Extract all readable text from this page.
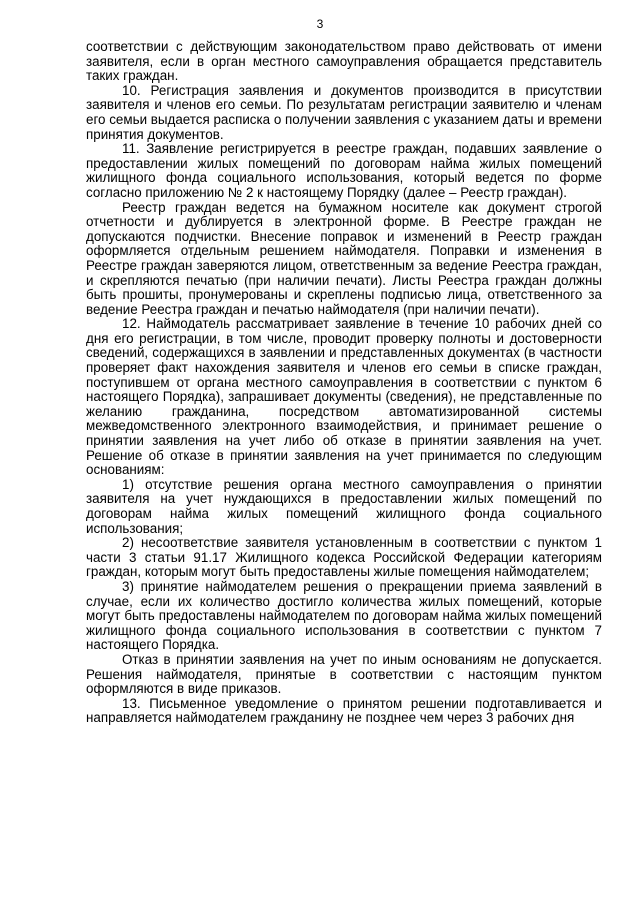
3

соответствии с действующим законодательством право действовать от имени заявителя, если в орган местного самоуправления обращается представитель таких граждан.

10. Регистрация заявления и документов производится в присутствии заявителя и членов его семьи. По результатам регистрации заявителю и членам его семьи выдается расписка о получении заявления с указанием даты и времени принятия документов.

11. Заявление регистрируется в реестре граждан, подавших заявление о предоставлении жилых помещений по договорам найма жилых помещений жилищного фонда социального использования, который ведется по форме согласно приложению № 2 к настоящему Порядку (далее – Реестр граждан).

Реестр граждан ведется на бумажном носителе как документ строгой отчетности и дублируется в электронной форме. В Реестре граждан не допускаются подчистки. Внесение поправок и изменений в Реестр граждан оформляется отдельным решением наймодателя. Поправки и изменения в Реестре граждан заверяются лицом, ответственным за ведение Реестра граждан, и скрепляются печатью (при наличии печати). Листы Реестра граждан должны быть прошиты, пронумерованы и скреплены подписью лица, ответственного за ведение Реестра граждан и печатью наймодателя (при наличии печати).

12. Наймодатель рассматривает заявление в течение 10 рабочих дней со дня его регистрации, в том числе, проводит проверку полноты и достоверности сведений, содержащихся в заявлении и представленных документах (в частности проверяет факт нахождения заявителя и членов его семьи в списке граждан, поступившем от органа местного самоуправления в соответствии с пунктом 6 настоящего Порядка), запрашивает документы (сведения), не представленные по желанию гражданина, посредством автоматизированной системы межведомственного электронного взаимодействия, и принимает решение о принятии заявления на учет либо об отказе в принятии заявления на учет. Решение об отказе в принятии заявления на учет принимается по следующим основаниям:

1) отсутствие решения органа местного самоуправления о принятии заявителя на учет нуждающихся в предоставлении жилых помещений по договорам найма жилых помещений жилищного фонда социального использования;

2) несоответствие заявителя установленным в соответствии с пунктом 1 части 3 статьи 91.17 Жилищного кодекса Российской Федерации категориям граждан, которым могут быть предоставлены жилые помещения наймодателем;

3) принятие наймодателем решения о прекращении приема заявлений в случае, если их количество достигло количества жилых помещений, которые могут быть предоставлены наймодателем по договорам найма жилых помещений жилищного фонда социального использования в соответствии с пунктом 7 настоящего Порядка.

Отказ в принятии заявления на учет по иным основаниям не допускается. Решения наймодателя, принятые в соответствии с настоящим пунктом оформляются в виде приказов.

13. Письменное уведомление о принятом решении подготавливается и направляется наймодателем гражданину не позднее чем через 3 рабочих дня
